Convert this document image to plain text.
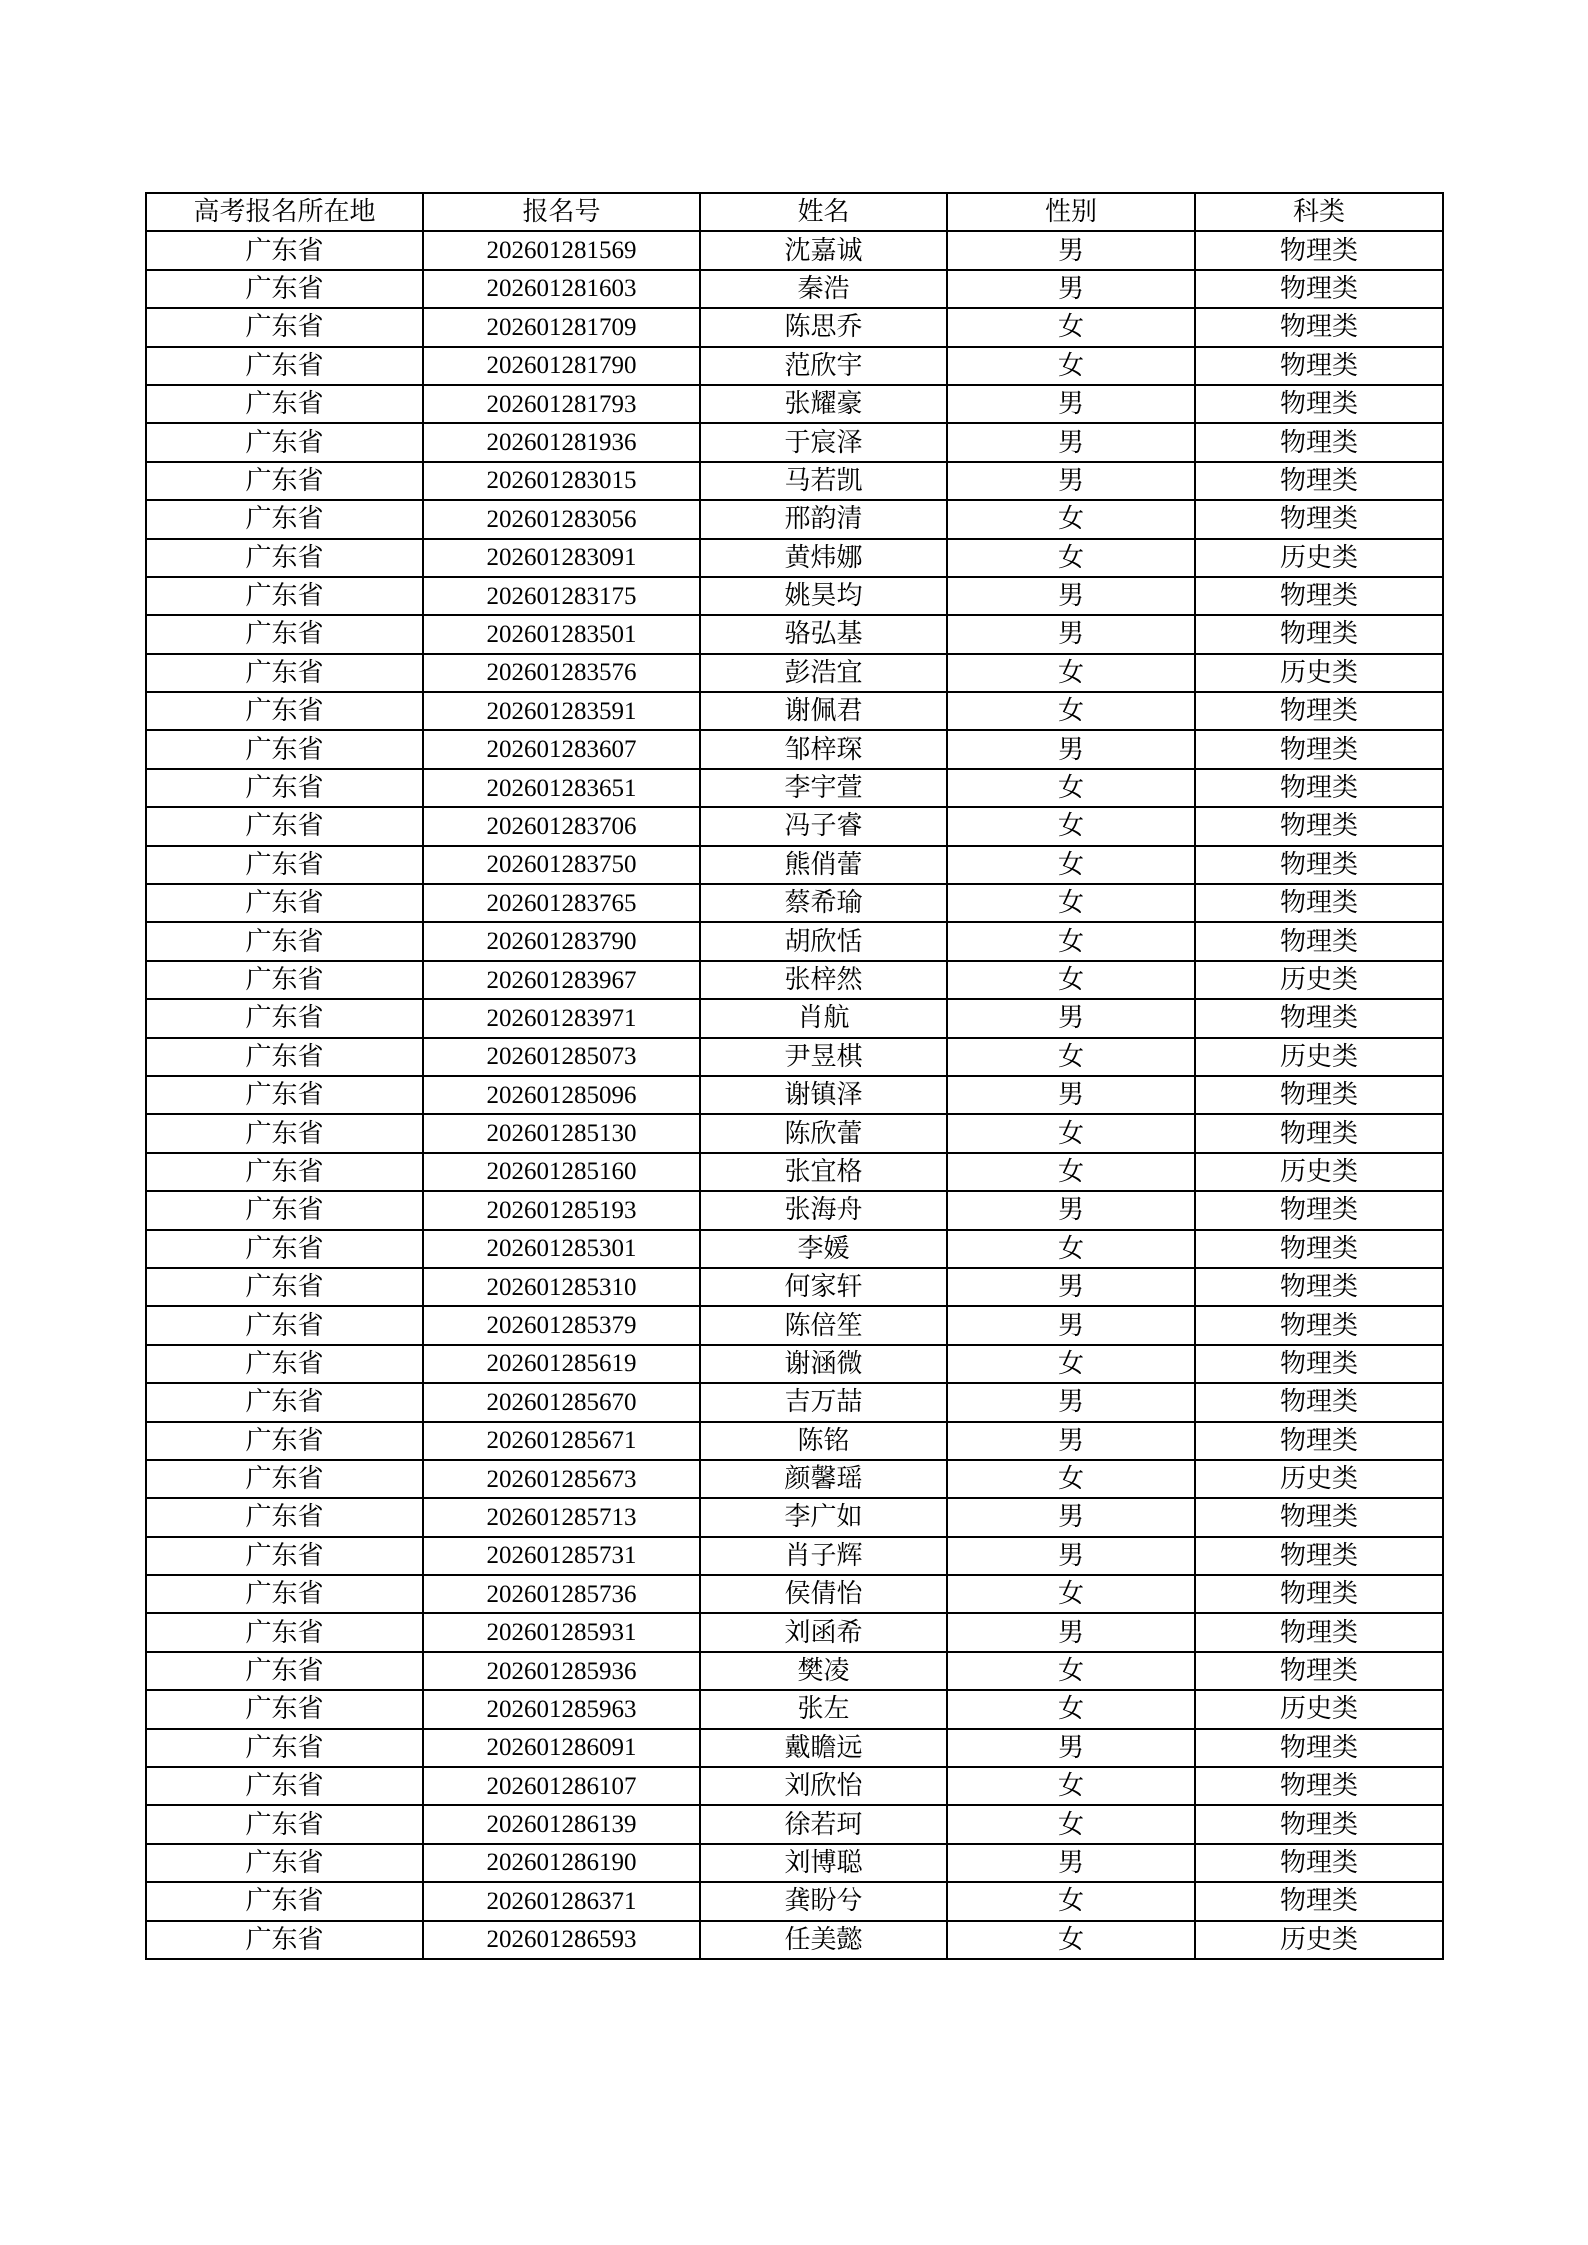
高考报名所在地	报名号	姓名	性别	科类
广东省	202601281569	沈嘉诚	男	物理类
广东省	202601281603	秦浩	男	物理类
广东省	202601281709	陈思乔	女	物理类
广东省	202601281790	范欣宇	女	物理类
广东省	202601281793	张耀豪	男	物理类
广东省	202601281936	于宸泽	男	物理类
广东省	202601283015	马若凯	男	物理类
广东省	202601283056	邢韵清	女	物理类
广东省	202601283091	黄炜娜	女	历史类
广东省	202601283175	姚昊均	男	物理类
广东省	202601283501	骆弘基	男	物理类
广东省	202601283576	彭浩宜	女	历史类
广东省	202601283591	谢佩君	女	物理类
广东省	202601283607	邹梓琛	男	物理类
广东省	202601283651	李宇萱	女	物理类
广东省	202601283706	冯子睿	女	物理类
广东省	202601283750	熊俏蕾	女	物理类
广东省	202601283765	蔡希瑜	女	物理类
广东省	202601283790	胡欣恬	女	物理类
广东省	202601283967	张梓然	女	历史类
广东省	202601283971	肖航	男	物理类
广东省	202601285073	尹昱棋	女	历史类
广东省	202601285096	谢镇泽	男	物理类
广东省	202601285130	陈欣蕾	女	物理类
广东省	202601285160	张宜格	女	历史类
广东省	202601285193	张海舟	男	物理类
广东省	202601285301	李媛	女	物理类
广东省	202601285310	何家轩	男	物理类
广东省	202601285379	陈倍笙	男	物理类
广东省	202601285619	谢涵微	女	物理类
广东省	202601285670	吉万喆	男	物理类
广东省	202601285671	陈铭	男	物理类
广东省	202601285673	颜馨瑶	女	历史类
广东省	202601285713	李广如	男	物理类
广东省	202601285731	肖子辉	男	物理类
广东省	202601285736	侯倩怡	女	物理类
广东省	202601285931	刘函希	男	物理类
广东省	202601285936	樊凌	女	物理类
广东省	202601285963	张左	女	历史类
广东省	202601286091	戴瞻远	男	物理类
广东省	202601286107	刘欣怡	女	物理类
广东省	202601286139	徐若珂	女	物理类
广东省	202601286190	刘博聪	男	物理类
广东省	202601286371	龚盼兮	女	物理类
广东省	202601286593	任美懿	女	历史类
